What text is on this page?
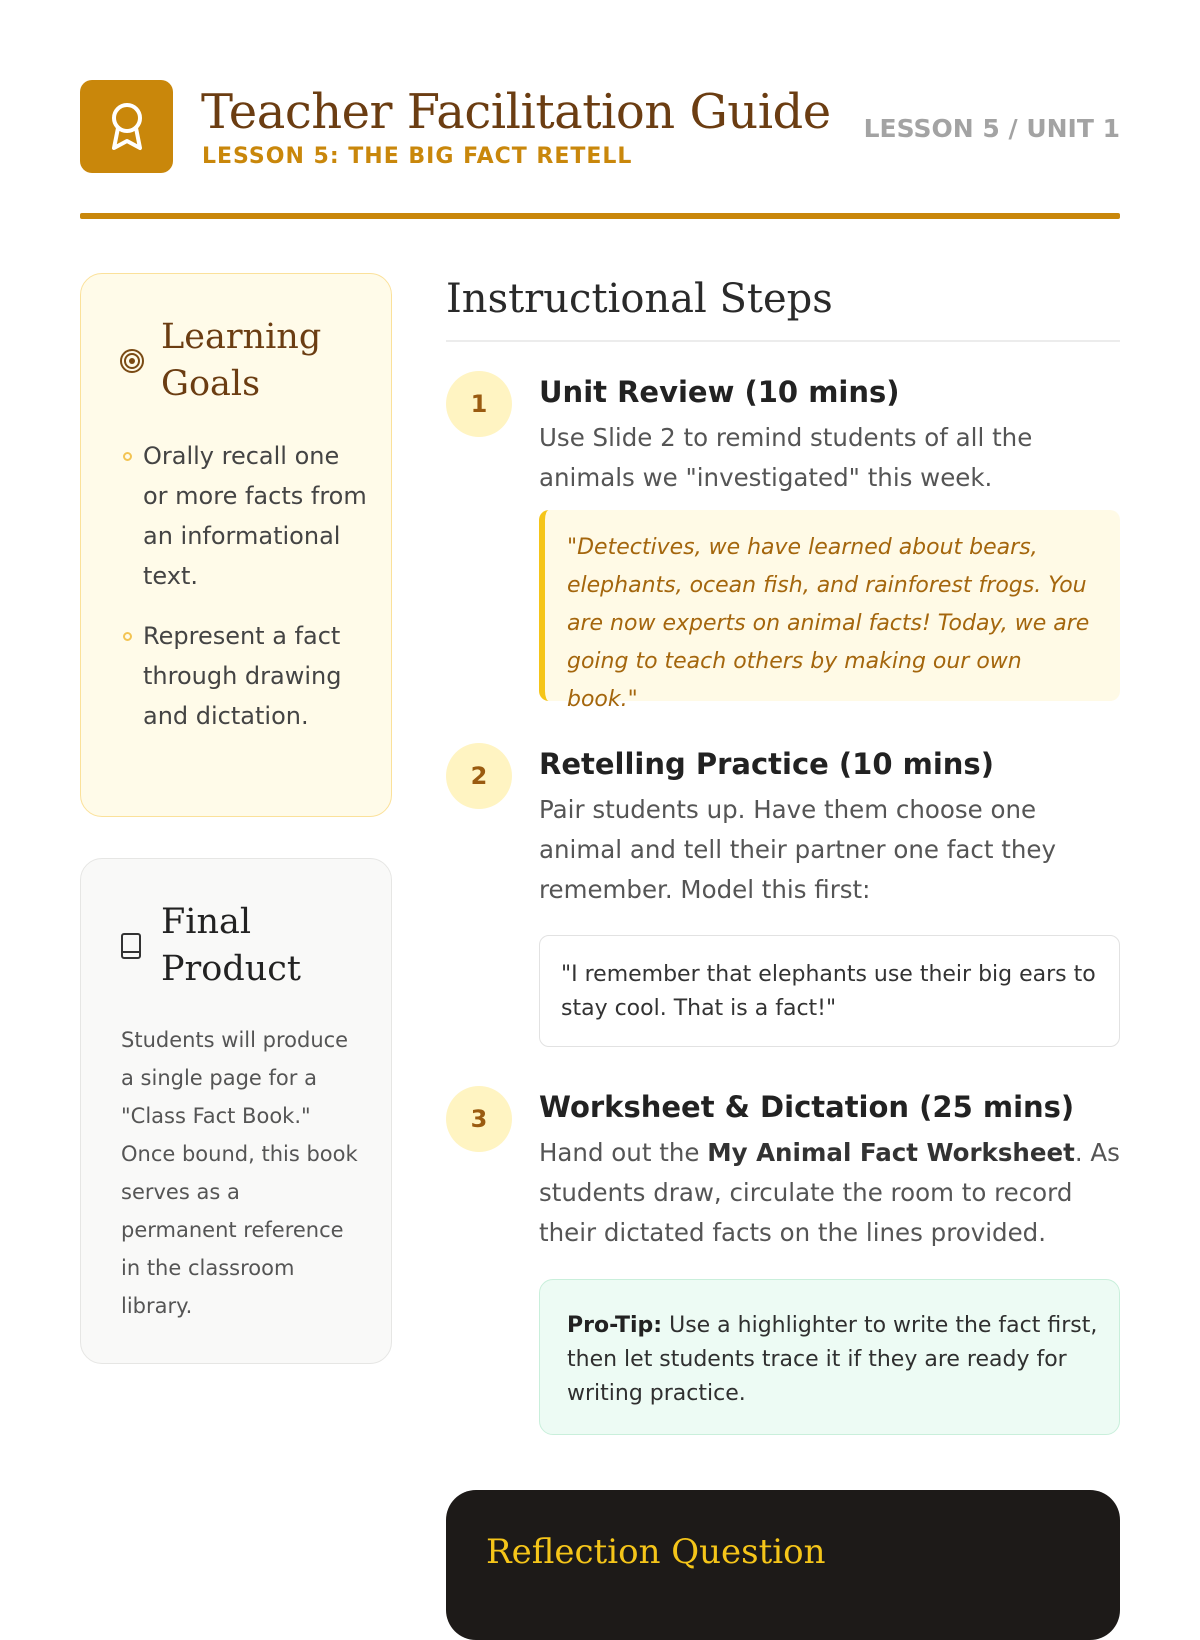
Teacher Facilitation Guide
LESSON 5: THE BIG FACT RETELL
LESSON 5 / UNIT 1
Learning
Goals
Orally recall one or more facts from an informational text.
Represent a fact through drawing and dictation.
Final
Product
Students will produce a single page for a "Class Fact Book." Once bound, this book serves as a permanent reference in the classroom library.
Instructional Steps
1	Unit Review (10 mins)
Use Slide 2 to remind students of all the animals we "investigated" this week.
"Detectives, we have learned about bears, elephants, ocean fish, and rainforest frogs. You are now experts on animal facts! Today, we are going to teach others by making our own book."
2	Retelling Practice (10 mins)
Pair students up. Have them choose one animal and tell their partner one fact they remember. Model this first:
"I remember that elephants use their big ears to stay cool. That is a fact!"
3	Worksheet & Dictation (25 mins)
Hand out the My Animal Fact Worksheet. As students draw, circulate the room to record their dictated facts on the lines provided.
Pro-Tip: Use a highlighter to write the fact first, then let students trace it if they are ready for writing practice.
Reflection Question
